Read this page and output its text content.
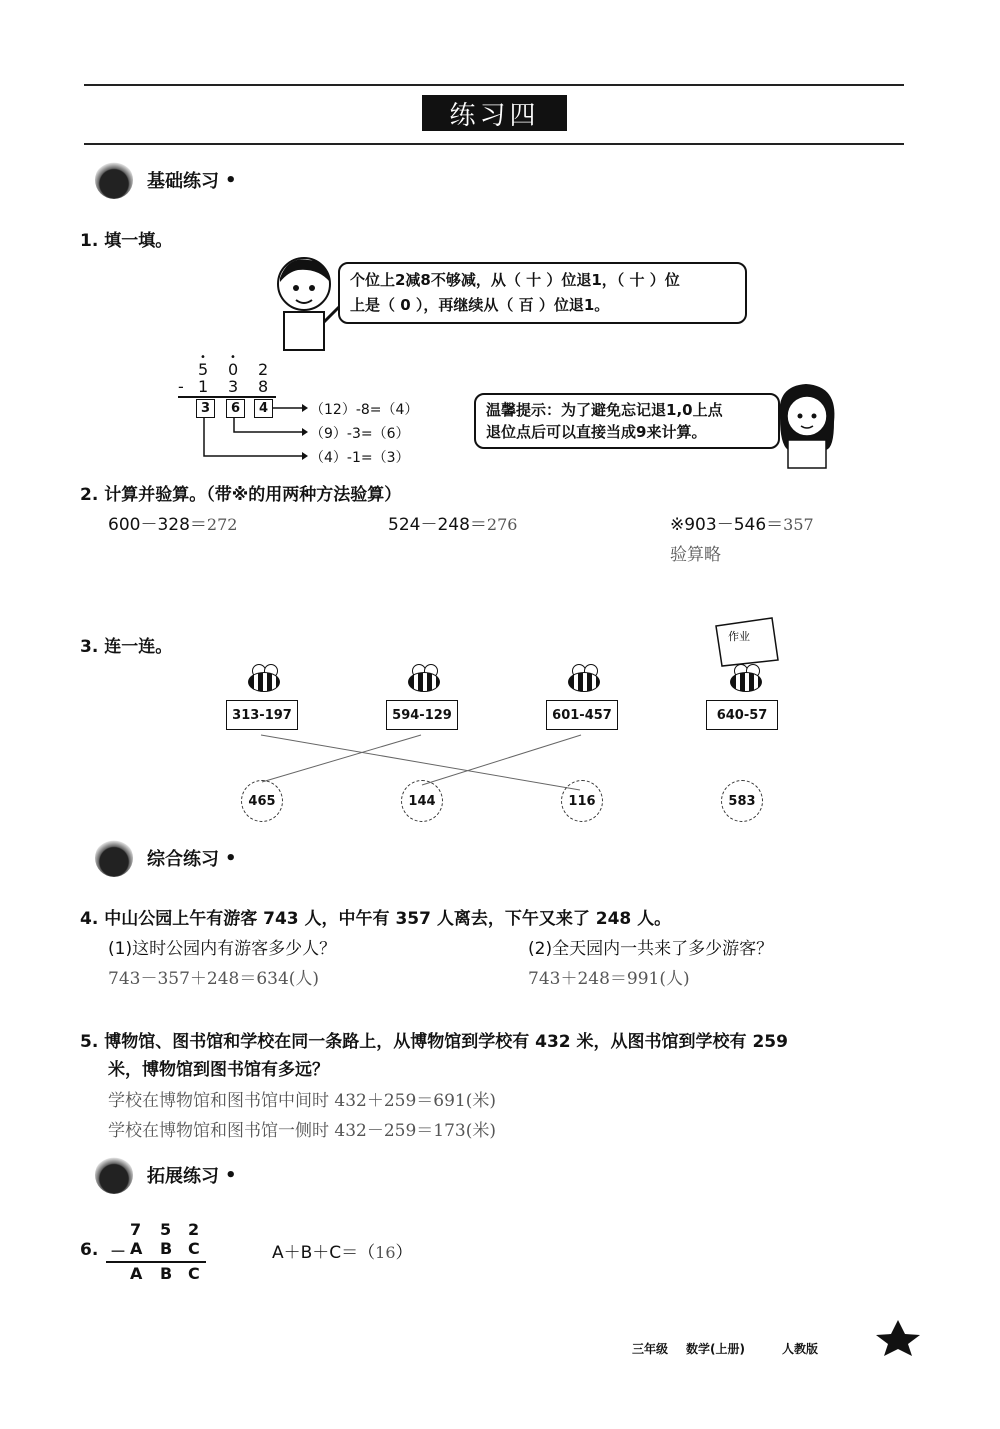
练习四
基础练习 •
1. 填一填。
个位上2减8不够减，从（ 十 ）位退1，（ 十 ）位
上是（ 0 ），再继续从（ 百 ）位退1。
• •
5 0 2
- 1 3 8
3	6	4	（12）-8=（4）
（9）-3=（6）
（4）-1=（3）
温馨提示：为了避免忘记退1,0上点
退位点后可以直接当成9来计算。
2. 计算并验算。（带※的用两种方法验算）
600－328＝272	524－248＝276	※903－546＝357
验算略
3. 连一连。
作业
313-197	594-129	601-457	640-57
465	144	116	583
综合练习 •
4. 中山公园上午有游客 743 人，中午有 357 人离去，下午又来了 248 人。
(1)这时公园内有游客多少人？	(2)全天园内一共来了多少游客？
743－357＋248＝634(人)	743＋248＝991(人)
5. 博物馆、图书馆和学校在同一条路上，从博物馆到学校有 432 米，从图书馆到学校有 259
米，博物馆到图书馆有多远？
学校在博物馆和图书馆中间时 432＋259＝691(米)
学校在博物馆和图书馆一侧时 432－259＝173(米)
拓展练习 •
6.
7 5 2
－ A B C
A B C
A＋B＋C＝（16）
三年级 数学(上册)	人教版
